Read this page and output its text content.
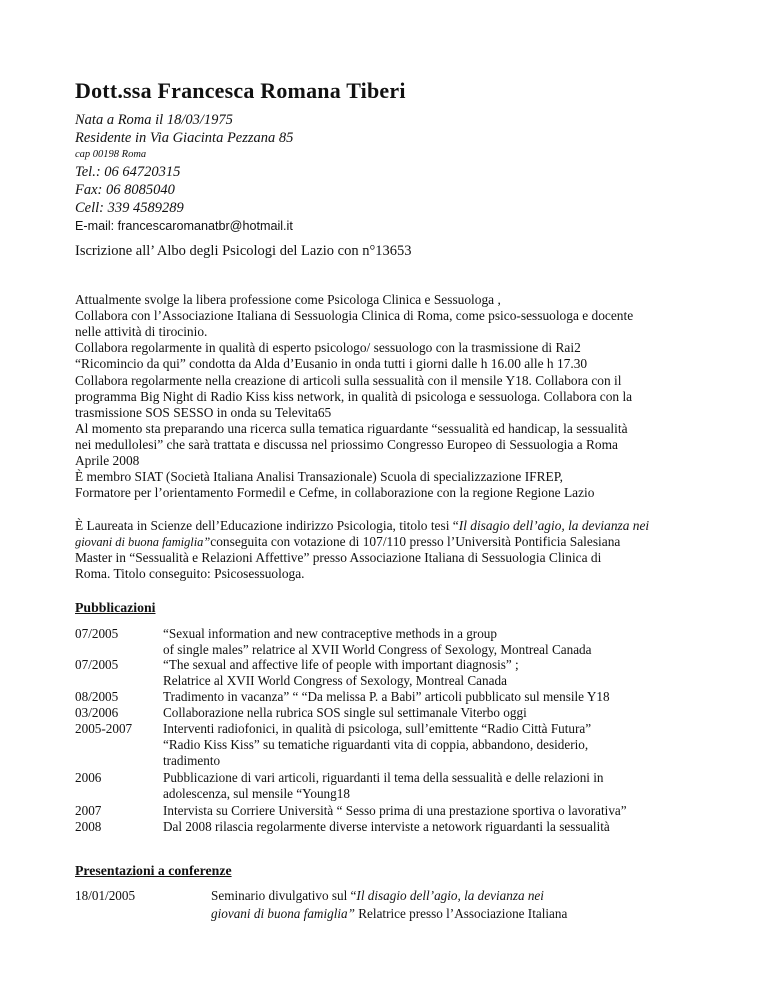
Dott.ssa Francesca Romana Tiberi
Nata a Roma il 18/03/1975
Residente in Via Giacinta Pezzana 85
cap 00198 Roma
Tel.: 06 64720315
Fax: 06 8085040
Cell: 339 4589289
E-mail: francescaromanatbr@hotmail.it
Iscrizione all’ Albo degli Psicologi del Lazio con n°13653
Attualmente svolge la libera professione come Psicologa Clinica e Sessuologa ,
Collabora con l’Associazione Italiana di Sessuologia Clinica di Roma, come psico-sessuologa e docente
nelle attività di tirocinio.
Collabora regolarmente in qualità di esperto psicologo/ sessuologo con la trasmissione di Rai2
“Ricomincio da qui” condotta da Alda d’Eusanio in onda tutti i giorni dalle h 16.00 alle h 17.30
Collabora regolarmente nella creazione di articoli sulla sessualità con il mensile Y18. Collabora con il
programma Big Night di Radio Kiss kiss network, in qualità di psicologa e sessuologa. Collabora con la
trasmissione SOS SESSO in onda su Televita65
Al momento sta preparando una ricerca sulla tematica riguardante “sessualità ed handicap, la sessualità
nei medullolesi” che sarà trattata e discussa nel priossimo Congresso Europeo di Sessuologia a Roma
Aprile 2008
È membro SIAT (Società Italiana Analisi Transazionale) Scuola di specializzazione IFREP,
Formatore per l’orientamento Formedil e Cefme, in collaborazione con la regione Regione Lazio
È Laureata in Scienze dell’Educazione indirizzo Psicologia, titolo tesi “Il disagio dell’agio, la devianza nei
giovani di buona famiglia”conseguita con votazione di 107/110 presso l’Università Pontificia Salesiana
Master in “Sessualità e Relazioni Affettive” presso Associazione Italiana di Sessuologia Clinica di
Roma. Titolo conseguito: Psicosessuologa.
Pubblicazioni
07/2005	“Sexual information and new contraceptive methods in a group
of single males” relatrice al XVII World Congress of Sexology, Montreal Canada
07/2005	“The sexual and affective life of people with important diagnosis” ;
Relatrice al XVII World Congress of Sexology, Montreal Canada
08/2005	Tradimento in vacanza” “ “Da melissa P. a Babi” articoli pubblicato sul mensile Y18
03/2006	Collaborazione nella rubrica SOS single sul settimanale Viterbo oggi
2005-2007 Interventi radiofonici, in qualità di psicologa, sull’emittente “Radio Città Futura”
“Radio Kiss Kiss” su tematiche riguardanti vita di coppia, abbandono, desiderio,
tradimento
2006	Pubblicazione di vari articoli, riguardanti il tema della sessualità e delle relazioni in
adolescenza, sul mensile “Young18
2007	Intervista su Corriere Università “ Sesso prima di una prestazione sportiva o lavorativa”
2008	Dal 2008 rilascia regolarmente diverse interviste a netowork riguardanti la sessualità
Presentazioni a conferenze
18/01/2005	Seminario divulgativo sul “Il disagio dell’agio, la devianza nei
giovani di buona famiglia” Relatrice presso l’Associazione Italiana
